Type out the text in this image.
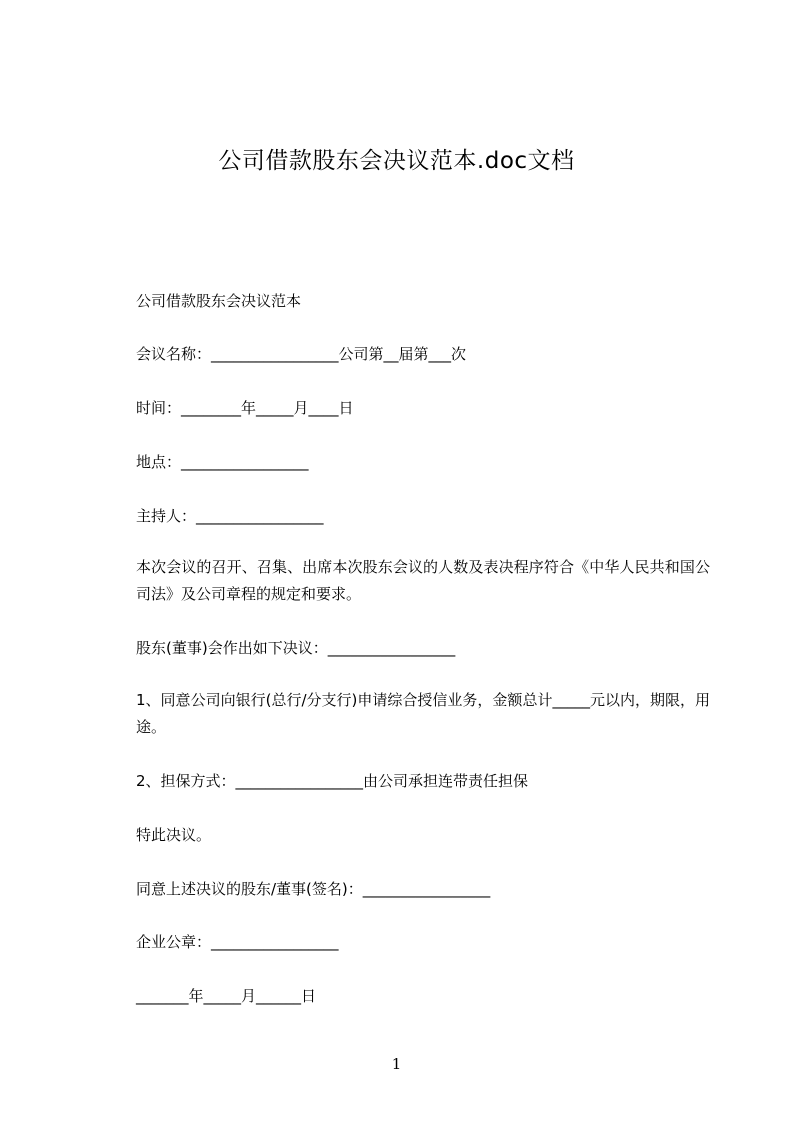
公司借款股东会决议范本.doc文档
公司借款股东会决议范本
会议名称：_________________公司第__届第___次
时间：________年_____月____日
地点：_________________
主持人：_________________
本次会议的召开、召集、出席本次股东会议的人数及表决程序符合《中华人民共和国公司法》及公司章程的规定和要求。
股东(董事)会作出如下决议：_________________
1、同意公司向银行(总行/分支行)申请综合授信业务，金额总计_____元以内，期限，用途。
2、担保方式：_________________由公司承担连带责任担保
特此决议。
同意上述决议的股东/董事(签名)：_________________
企业公章：_________________
_______年_____月______日
1
